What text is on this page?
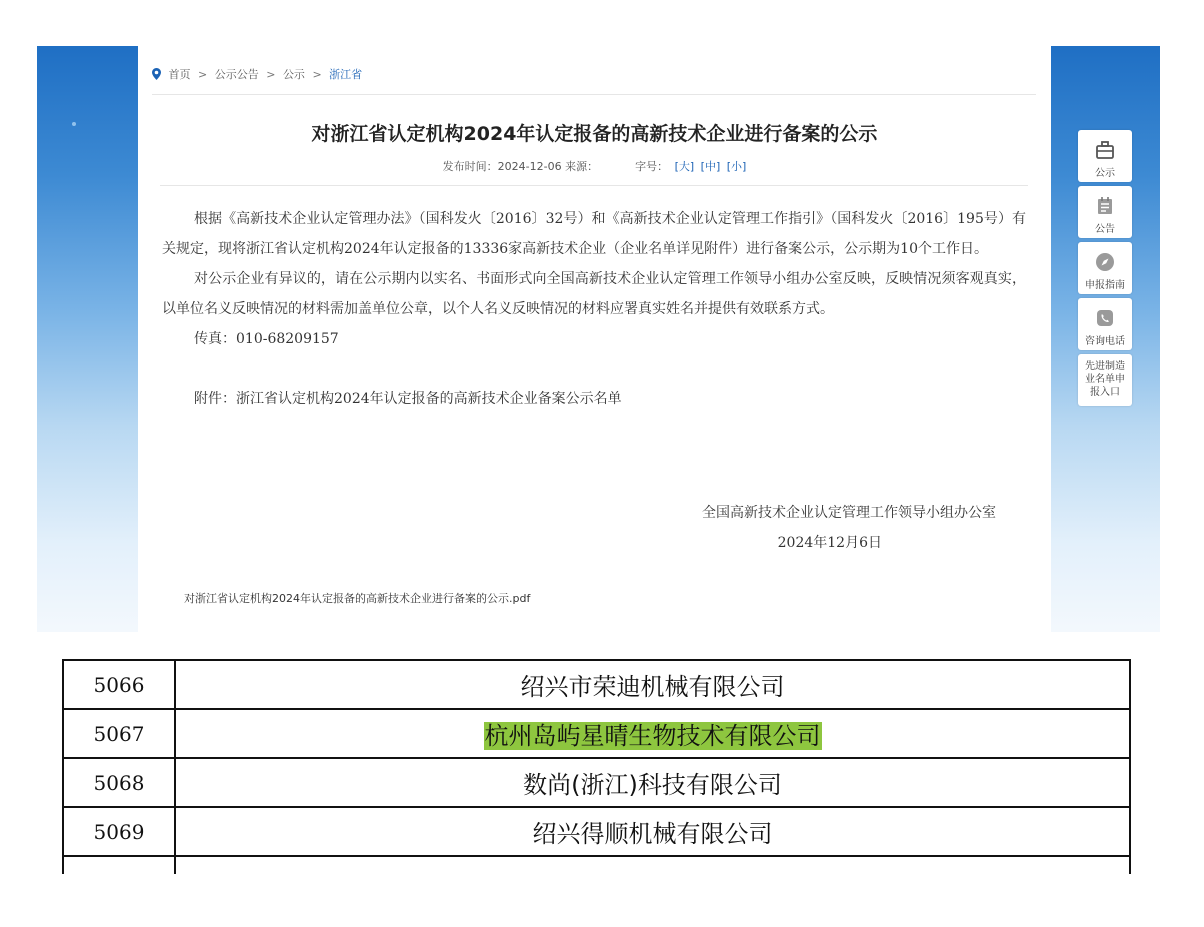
首页 > 公示公告 > 公示 > 浙江省
对浙江省认定机构2024年认定报备的高新技术企业进行备案的公示
发布时间：2024-12-06 来源：	字号： [大] [中] [小]

根据《高新技术企业认定管理办法》（国科发火〔2016〕32号）和《高新技术企业认定管理工作指引》（国科发火〔2016〕195号）有关规定，现将浙江省认定机构2024年认定报备的13336家高新技术企业（企业名单详见附件）进行备案公示，公示期为10个工作日。

对公示企业有异议的，请在公示期内以实名、书面形式向全国高新技术企业认定管理工作领导小组办公室反映，反映情况须客观真实，以单位名义反映情况的材料需加盖单位公章，以个人名义反映情况的材料应署真实姓名并提供有效联系方式。

传真：010-68209157

附件：浙江省认定机构2024年认定报备的高新技术企业备案公示名单

全国高新技术企业认定管理工作领导小组办公室
2024年12月6日
对浙江省认定机构2024年认定报备的高新技术企业进行备案的公示.pdf
公示
公告
申报指南
咨询电话
先进制造
业名单申
报入口
5066	绍兴市荣迪机械有限公司
5067	杭州岛屿星晴生物技术有限公司
5068	数尚(浙江)科技有限公司
5069	绍兴得顺机械有限公司
